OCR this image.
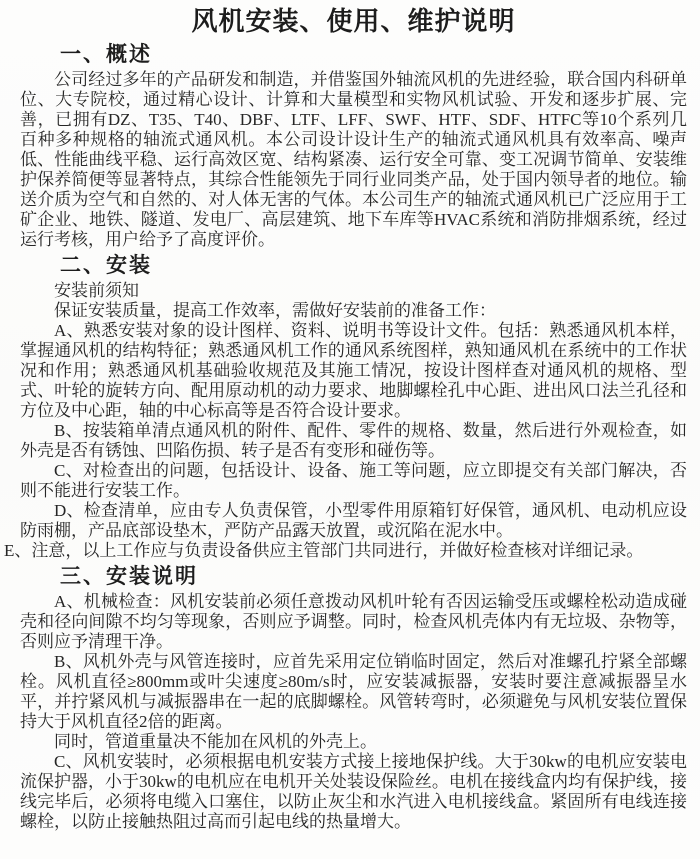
风机安装、使用、维护说明
一、概述

公司经过多年的产品研发和制造，并借鉴国外轴流风机的先进经验，联合国内科研单位、大专院校，通过精心设计、计算和大量模型和实物风机试验、开发和逐步扩展、完善，已拥有DZ、T35、T40、DBF、LTF、LFF、SWF、HTF、SDF、HTFC等10个系列几百种多种规格的轴流式通风机。本公司设计设计生产的轴流式通风机具有效率高、噪声低、性能曲线平稳、运行高效区宽、结构紧凑、运行安全可靠、变工况调节简单、安装维护保养简便等显著特点，其综合性能领先于同行业同类产品，处于国内领导者的地位。输送介质为空气和自然的、对人体无害的气体。本公司生产的轴流式通风机已广泛应用于工矿企业、地铁、隧道、发电厂、高层建筑、地下车库等HVAC系统和消防排烟系统，经过运行考核，用户给予了高度评价。

二、安装

安装前须知

保证安装质量，提高工作效率，需做好安装前的准备工作：

A、熟悉安装对象的设计图样、资料、说明书等设计文件。包括：熟悉通风机本样，掌握通风机的结构特征；熟悉通风机工作的通风系统图样，熟知通风机在系统中的工作状况和作用；熟悉通风机基础验收规范及其施工情况，按设计图样查对通风机的规格、型式、叶轮的旋转方向、配用原动机的动力要求、地脚螺栓孔中心距、进出风口法兰孔径和方位及中心距，轴的中心标高等是否符合设计要求。

B、按装箱单清点通风机的附件、配件、零件的规格、数量，然后进行外观检查，如外壳是否有锈蚀、凹陷伤损、转子是否有变形和碰伤等。

C、对检查出的问题，包括设计、设备、施工等问题，应立即提交有关部门解决，否则不能进行安装工作。

D、检查清单，应由专人负责保管，小型零件用原箱钉好保管，通风机、电动机应设防雨棚，产品底部设垫木，严防产品露天放置，或沉陷在泥水中。

E、注意，以上工作应与负责设备供应主管部门共同进行，并做好检查核对详细记录。

三、安装说明

A、机械检查：风机安装前必须任意拨动风机叶轮有否因运输受压或螺栓松动造成碰壳和径向间隙不均匀等现象，否则应予调整。同时，检查风机壳体内有无垃圾、杂物等，否则应予清理干净。

B、风机外壳与风管连接时，应首先采用定位销临时固定，然后对准螺孔拧紧全部螺栓。风机直径≥800mm或叶尖速度≥80m/s时，应安装减振器，安装时要注意减振器呈水平，并拧紧风机与减振器串在一起的底脚螺栓。风管转弯时，必须避免与风机安装位置保持大于风机直径2倍的距离。

同时，管道重量决不能加在风机的外壳上。

C、风机安装时，必须根据电机安装方式接上接地保护线。大于30kw的电机应安装电流保护器，小于30kw的电机应在电机开关处装设保险丝。电机在接线盒内均有保护线，接线完毕后，必须将电缆入口塞住，以防止灰尘和水汽进入电机接线盒。紧固所有电线连接螺栓，以防止接触热阻过高而引起电线的热量增大。
